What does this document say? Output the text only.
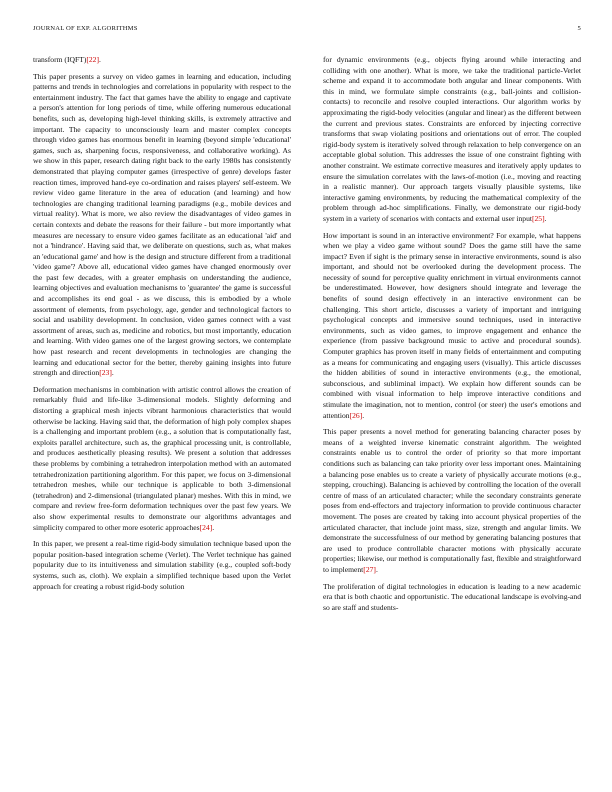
JOURNAL OF EXP. ALGORITHMS	5

transform (IQFT)[22].

This paper presents a survey on video games in learning and education, including patterns and trends in technologies and correlations in popularity with respect to the entertainment industry. The fact that games have the ability to engage and captivate a person's attention for long periods of time, while offering numerous educational benefits, such as, developing high-level thinking skills, is extremely attractive and important. The capacity to unconsciously learn and master complex concepts through video games has enormous benefit in learning (beyond simple 'educational' games, such as, sharpening focus, responsiveness, and collaborative working). As we show in this paper, research dating right back to the early 1980s has consistently demonstrated that playing computer games (irrespective of genre) develops faster reaction times, improved hand-eye co-ordination and raises players' self-esteem. We review video game literature in the area of education (and learning) and how technologies are changing traditional learning paradigms (e.g., mobile devices and virtual reality). What is more, we also review the disadvantages of video games in certain contexts and debate the reasons for their failure - but more importantly what measures are necessary to ensure video games facilitate as an educational 'aid' and not a 'hindrance'. Having said that, we deliberate on questions, such as, what makes an 'educational game' and how is the design and structure different from a traditional 'video game'? Above all, educational video games have changed enormously over the past few decades, with a greater emphasis on understanding the audience, learning objectives and evaluation mechanisms to 'guarantee' the game is successful and accomplishes its end goal - as we discuss, this is embodied by a whole assortment of elements, from psychology, age, gender and technological factors to social and usability development. In conclusion, video games connect with a vast assortment of areas, such as, medicine and robotics, but most importantly, education and learning. With video games one of the largest growing sectors, we contemplate how past research and recent developments in technologies are changing the learning and educational sector for the better, thereby gaining insights into future strength and direction[23].

Deformation mechanisms in combination with artistic control allows the creation of remarkably fluid and life-like 3-dimensional models. Slightly deforming and distorting a graphical mesh injects vibrant harmonious characteristics that would otherwise be lacking. Having said that, the deformation of high poly complex shapes is a challenging and important problem (e.g., a solution that is computationally fast, exploits parallel architecture, such as, the graphical processing unit, is controllable, and produces aesthetically pleasing results). We present a solution that addresses these problems by combining a tetrahedron interpolation method with an automated tetrahedronization partitioning algorithm. For this paper, we focus on 3-dimensional tetrahedron meshes, while our technique is applicable to both 3-dimensional (tetrahedron) and 2-dimensional (triangulated planar) meshes. With this in mind, we compare and review free-form deformation techniques over the past few years. We also show experimental results to demonstrate our algorithms advantages and simplicity compared to other more esoteric approaches[24].

In this paper, we present a real-time rigid-body simulation technique based upon the popular position-based integration scheme (Verlet). The Verlet technique has gained popularity due to its intuitiveness and simulation stability (e.g., coupled soft-body systems, such as, cloth). We explain a simplified technique based upon the Verlet approach for creating a robust rigid-body solution

for dynamic environments (e.g., objects flying around while interacting and colliding with one another). What is more, we take the traditional particle-Verlet scheme and expand it to accommodate both angular and linear components. With this in mind, we formulate simple constraints (e.g., ball-joints and collision-contacts) to reconcile and resolve coupled interactions. Our algorithm works by approximating the rigid-body velocities (angular and linear) as the different between the current and previous states. Constraints are enforced by injecting corrective transforms that swap violating positions and orientations out of error. The coupled rigid-body system is iteratively solved through relaxation to help convergence on an acceptable global solution. This addresses the issue of one constraint fighting with another constraint. We estimate corrective measures and iteratively apply updates to ensure the simulation correlates with the laws-of-motion (i.e., moving and reacting in a realistic manner). Our approach targets visually plausible systems, like interactive gaming environments, by reducing the mathematical complexity of the problem through ad-hoc simplifications. Finally, we demonstrate our rigid-body system in a variety of scenarios with contacts and external user input[25].

How important is sound in an interactive environment? For example, what happens when we play a video game without sound? Does the game still have the same impact? Even if sight is the primary sense in interactive environments, sound is also important, and should not be overlooked during the development process. The necessity of sound for perceptive quality enrichment in virtual environments cannot be underestimated. However, how designers should integrate and leverage the benefits of sound design effectively in an interactive environment can be challenging. This short article, discusses a variety of important and intriguing psychological concepts and immersive sound techniques, used in interactive environments, such as video games, to improve engagement and enhance the experience (from passive background music to active and procedural sounds). Computer graphics has proven itself in many fields of entertainment and computing as a means for communicating and engaging users (visually). This article discusses the hidden abilities of sound in interactive environments (e.g., the emotional, subconscious, and subliminal impact). We explain how different sounds can be combined with visual information to help improve interactive conditions and stimulate the imagination, not to mention, control (or steer) the user's emotions and attention[26].

This paper presents a novel method for generating balancing character poses by means of a weighted inverse kinematic constraint algorithm. The weighted constraints enable us to control the order of priority so that more important conditions such as balancing can take priority over less important ones. Maintaining a balancing pose enables us to create a variety of physically accurate motions (e.g., stepping, crouching). Balancing is achieved by controlling the location of the overall centre of mass of an articulated character; while the secondary constraints generate poses from end-effectors and trajectory information to provide continuous character movement. The poses are created by taking into account physical properties of the articulated character, that include joint mass, size, strength and angular limits. We demonstrate the successfulness of our method by generating balancing postures that are used to produce controllable character motions with physically accurate properties; likewise, our method is computationally fast, flexible and straightforward to implement[27].

The proliferation of digital technologies in education is leading to a new academic era that is both chaotic and opportunistic. The educational landscape is evolving-and so are staff and students-
